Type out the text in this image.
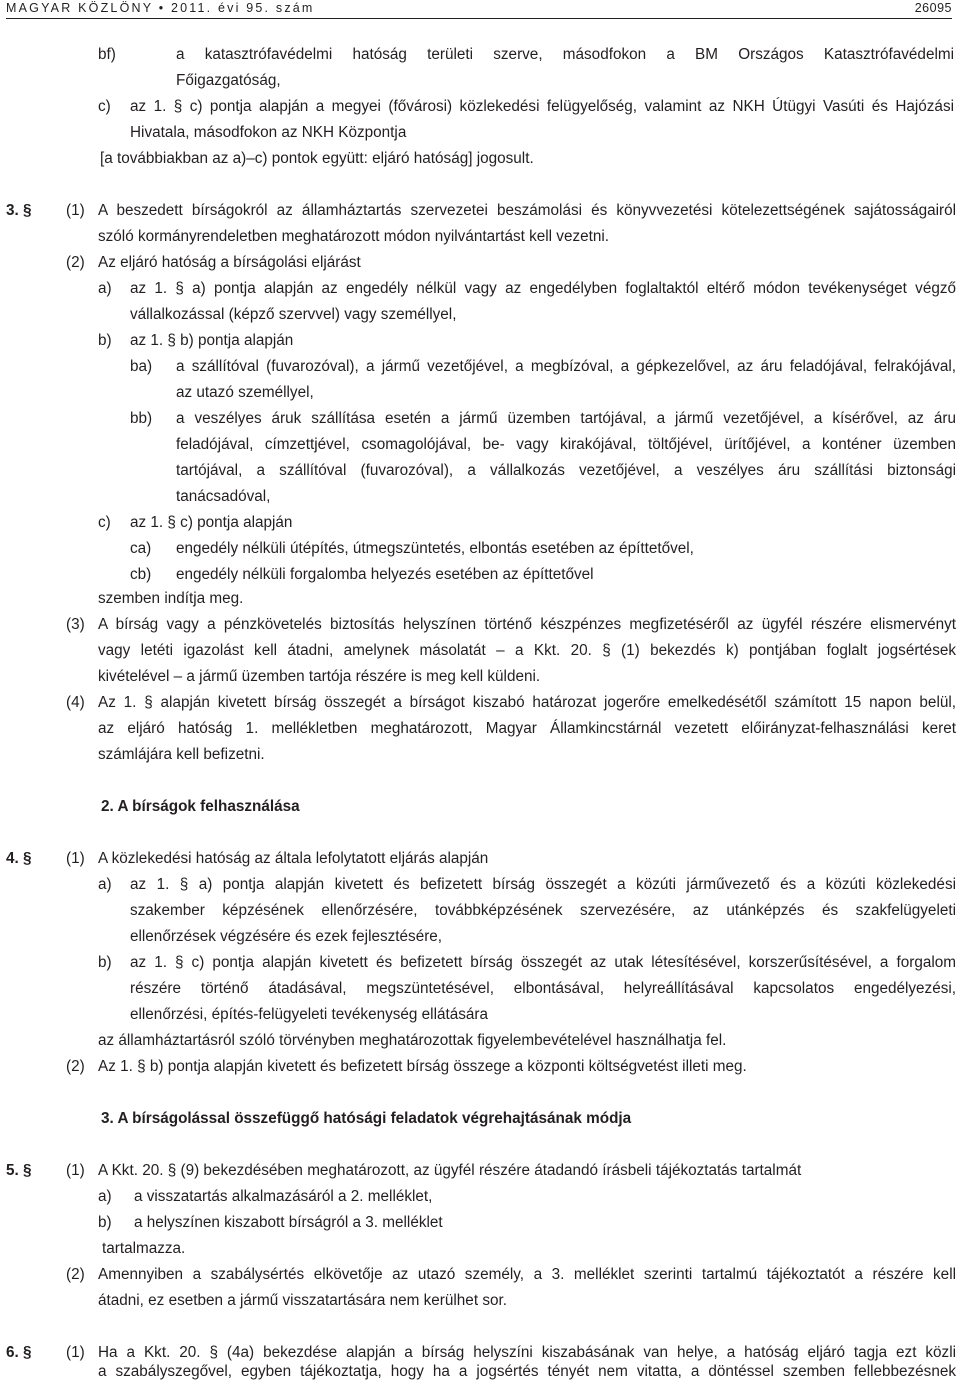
MAGYAR KÖZLÖNY • 2011. évi 95. szám	26095
bf)	a katasztrófavédelmi hatóság területi szerve, másodfokon a BM Országos Katasztrófavédelmi
Főigazgatóság,
c) az 1. § c) pontja alapján a megyei (fővárosi) közlekedési felügyelőség, valamint az NKH Útügyi Vasúti és Hajózási
Hivatala, másodfokon az NKH Központja
[a továbbiakban az a)–c) pontok együtt: eljáró hatóság] jogosult.
3. § (1) A beszedett bírságokról az államháztartás szervezetei beszámolási és könyvvezetési kötelezettségének sajátosságairól
szóló kormányrendeletben meghatározott módon nyilvántartást kell vezetni.
(2) Az eljáró hatóság a bírságolási eljárást
a) az 1. § a) pontja alapján az engedély nélkül vagy az engedélyben foglaltaktól eltérő módon tevékenységet végző
vállalkozással (képző szervvel) vagy személlyel,
b) az 1. § b) pontja alapján
ba) a szállítóval (fuvarozóval), a jármű vezetőjével, a megbízóval, a gépkezelővel, az áru feladójával, felrakójával,
az utazó személlyel,
bb) a veszélyes áruk szállítása esetén a jármű üzemben tartójával, a jármű vezetőjével, a kísérővel, az áru
feladójával, címzettjével, csomagolójával, be- vagy kirakójával, töltőjével, ürítőjével, a konténer üzemben
tartójával, a szállítóval (fuvarozóval), a vállalkozás vezetőjével, a veszélyes áru szállítási biztonsági
tanácsadóval,
c) az 1. § c) pontja alapján
ca) engedély nélküli útépítés, útmegszüntetés, elbontás esetében az építtetővel,
cb) engedély nélküli forgalomba helyezés esetében az építtetővel
szemben indítja meg.
(3) A bírság vagy a pénzkövetelés biztosítás helyszínen történő készpénzes megfizetéséről az ügyfél részére elismervényt
vagy letéti igazolást kell átadni, amelynek másolatát – a Kkt. 20. § (1) bekezdés k) pontjában foglalt jogsértések
kivételével – a jármű üzemben tartója részére is meg kell küldeni.
(4) Az 1. § alapján kivetett bírság összegét a bírságot kiszabó határozat jogerőre emelkedésétől számított 15 napon belül,
az eljáró hatóság 1. mellékletben meghatározott, Magyar Államkincstárnál vezetett előirányzat-felhasználási keret
számlájára kell befizetni.
2. A bírságok felhasználása
4. § (1) A közlekedési hatóság az általa lefolytatott eljárás alapján
a) az 1. § a) pontja alapján kivetett és befizetett bírság összegét a közúti járművezető és a közúti közlekedési
szakember képzésének ellenőrzésére, továbbképzésének szervezésére, az utánképzés és szakfelügyeleti
ellenőrzések végzésére és ezek fejlesztésére,
b) az 1. § c) pontja alapján kivetett és befizetett bírság összegét az utak létesítésével, korszerűsítésével, a forgalom
részére történő átadásával, megszüntetésével, elbontásával, helyreállításával kapcsolatos engedélyezési,
ellenőrzési, építés-felügyeleti tevékenység ellátására
az államháztartásról szóló törvényben meghatározottak figyelembevételével használhatja fel.
(2) Az 1. § b) pontja alapján kivetett és befizetett bírság összege a központi költségvetést illeti meg.
3. A bírságolással összefüggő hatósági feladatok végrehajtásának módja
5. § (1) A Kkt. 20. § (9) bekezdésében meghatározott, az ügyfél részére átadandó írásbeli tájékoztatás tartalmát
a) a visszatartás alkalmazásáról a 2. melléklet,
b) a helyszínen kiszabott bírságról a 3. melléklet
tartalmazza.
(2) Amennyiben a szabálysértés elkövetője az utazó személy, a 3. melléklet szerinti tartalmú tájékoztatót a részére kell
átadni, ez esetben a jármű visszatartására nem kerülhet sor.
6. § (1) Ha a Kkt. 20. § (4a) bekezdése alapján a bírság helyszíni kiszabásának van helye, a hatóság eljáró tagja ezt közli
a szabályszegővel, egyben tájékoztatja, hogy ha a jogsértés tényét nem vitatta, a döntéssel szemben fellebbezésnek
